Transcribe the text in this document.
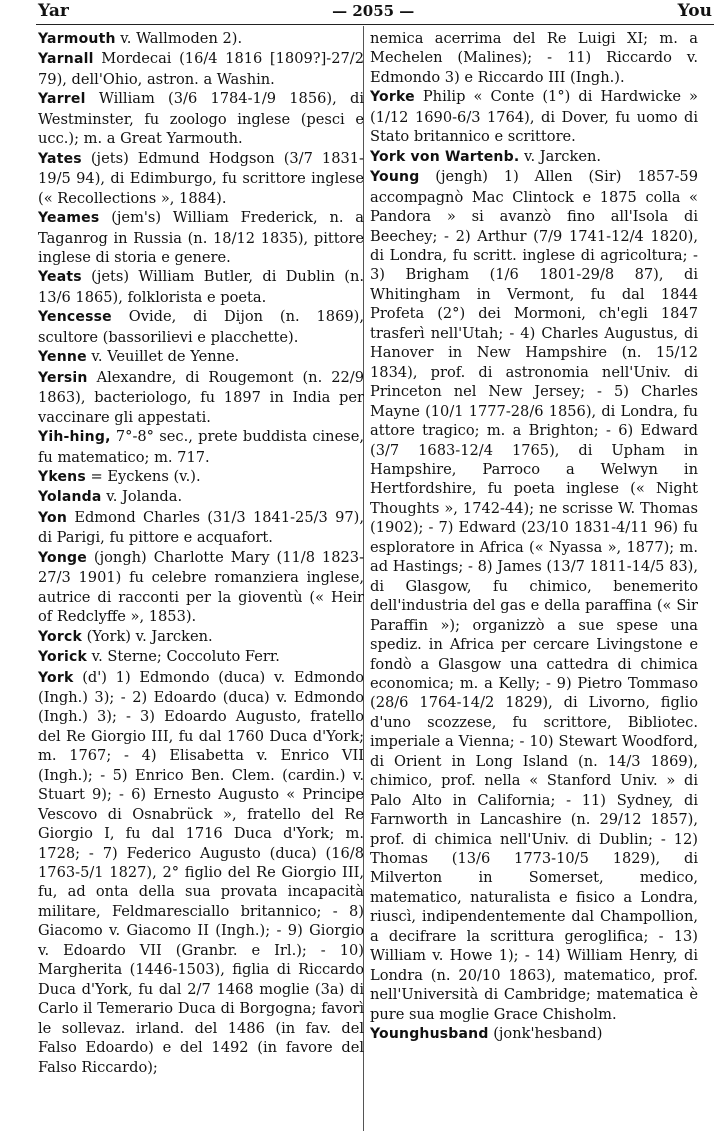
Yar	— 2055 —	You

Yarmouth v. Wallmoden 2).

Yarnall Mordecai (16/4 1816 [1809?]-27/2 79), dell'Ohio, astron. a Washin.

Yarrel William (3/6 1784-1/9 1856), di Westminster, fu zoologo inglese (pesci e ucc.); m. a Great Yarmouth.

Yates (jets) Edmund Hodgson (3/7 1831-19/5 94), di Edimburgo, fu scrittore inglese (« Recollections », 1884).

Yeames (jem's) William Frederick, n. a Taganrog in Russia (n. 18/12 1835), pittore inglese di storia e genere.

Yeats (jets) William Butler, di Dublin (n. 13/6 1865), folklorista e poeta.

Yencesse Ovide, di Dijon (n. 1869), scultore (bassorilievi e placchette).

Yenne v. Veuillet de Yenne.

Yersin Alexandre, di Rougemont (n. 22/9 1863), bacteriologo, fu 1897 in India per vaccinare gli appestati.

Yih-hing, 7°-8° sec., prete buddista cinese, fu matematico; m. 717.

Ykens = Eyckens (v.).

Yolanda v. Jolanda.

Yon Edmond Charles (31/3 1841-25/3 97), di Parigi, fu pittore e acquafort.

Yonge (jongh) Charlotte Mary (11/8 1823-27/3 1901) fu celebre romanziera inglese, autrice di racconti per la gioventù (« Heir of Redclyffe », 1853).

Yorck (York) v. Jarcken.

Yorick v. Sterne; Coccoluto Ferr.

York (d') 1) Edmondo (duca) v. Edmondo (Ingh.) 3); - 2) Edoardo (duca) v. Edmondo (Ingh.) 3); - 3) Edoardo Augusto, fratello del Re Giorgio III, fu dal 1760 Duca d'York; m. 1767; - 4) Elisabetta v. Enrico VII (Ingh.); - 5) Enrico Ben. Clem. (cardin.) v. Stuart 9); - 6) Ernesto Augusto « Principe Vescovo di Osnabrück », fratello del Re Giorgio I, fu dal 1716 Duca d'York; m. 1728; - 7) Federico Augusto (duca) (16/8 1763-5/1 1827), 2° figlio del Re Giorgio III, fu, ad onta della sua provata incapacità militare, Feldmaresciallo britannico; - 8) Giacomo v. Giacomo II (Ingh.); - 9) Giorgio v. Edoardo VII (Granbr. e Irl.); - 10) Margherita (1446-1503), figlia di Riccardo Duca d'York, fu dal 2/7 1468 moglie (3a) di Carlo il Temerario Duca di Borgogna; favorì le sollevaz. irland. del 1486 (in fav. del Falso Edoardo) e del 1492 (in favore del Falso Riccardo);

nemica acerrima del Re Luigi XI; m. a Mechelen (Malines); - 11) Riccardo v. Edmondo 3) e Riccardo III (Ingh.).

Yorke Philip « Conte (1°) di Hardwicke » (1/12 1690-6/3 1764), di Dover, fu uomo di Stato britannico e scrittore.

York von Wartenb. v. Jarcken.

Young (jengh) 1) Allen (Sir) 1857-59 accompagnò Mac Clintock e 1875 colla « Pandora » si avanzò fino all'Isola di Beechey; - 2) Arthur (7/9 1741-12/4 1820), di Londra, fu scritt. inglese di agricoltura; - 3) Brigham (1/6 1801-29/8 87), di Whitingham in Vermont, fu dal 1844 Profeta (2°) dei Mormoni, ch'egli 1847 trasferì nell'Utah; - 4) Charles Augustus, di Hanover in New Hampshire (n. 15/12 1834), prof. di astronomia nell'Univ. di Princeton nel New Jersey; - 5) Charles Mayne (10/1 1777-28/6 1856), di Londra, fu attore tragico; m. a Brighton; - 6) Edward (3/7 1683-12/4 1765), di Upham in Hampshire, Parroco a Welwyn in Hertfordshire, fu poeta inglese (« Night Thoughts », 1742-44); ne scrisse W. Thomas (1902); - 7) Edward (23/10 1831-4/11 96) fu esploratore in Africa (« Nyassa », 1877); m. ad Hastings; - 8) James (13/7 1811-14/5 83), di Glasgow, fu chimico, benemerito dell'industria del gas e della paraffina (« Sir Paraffin »); organizzò a sue spese una spediz. in Africa per cercare Livingstone e fondò a Glasgow una cattedra di chimica economica; m. a Kelly; - 9) Pietro Tommaso (28/6 1764-14/2 1829), di Livorno, figlio d'uno scozzese, fu scrittore, Bibliotec. imperiale a Vienna; - 10) Stewart Woodford, di Orient in Long Island (n. 14/3 1869), chimico, prof. nella « Stanford Univ. » di Palo Alto in California; - 11) Sydney, di Farnworth in Lancashire (n. 29/12 1857), prof. di chimica nell'Univ. di Dublin; - 12) Thomas (13/6 1773-10/5 1829), di Milverton in Somerset, medico, matematico, naturalista e fisico a Londra, riuscì, indipendentemente dal Champollion, a decifrare la scrittura geroglifica; - 13) William v. Howe 1); - 14) William Henry, di Londra (n. 20/10 1863), matematico, prof. nell'Università di Cambridge; matematica è pure sua moglie Grace Chisholm.

Younghusband (jonk'hesband)
